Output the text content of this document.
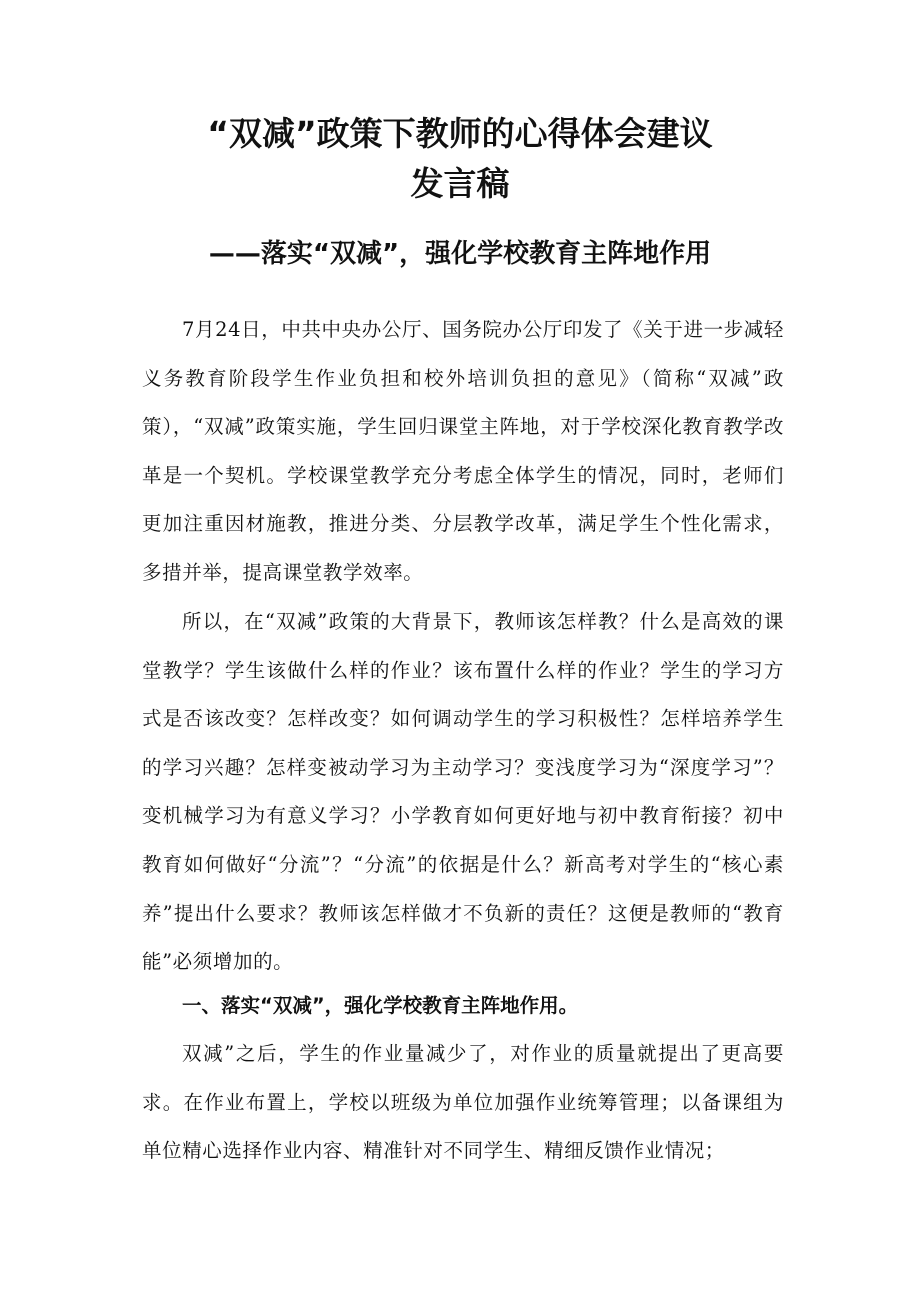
“双减”政策下教师的心得体会建议
发言稿
——落实“双减”，强化学校教育主阵地作用

7月24日，中共中央办公厅、国务院办公厅印发了《关于进一步减轻义务教育阶段学生作业负担和校外培训负担的意见》（简称“双减”政策），“双减”政策实施，学生回归课堂主阵地，对于学校深化教育教学改革是一个契机。学校课堂教学充分考虑全体学生的情况，同时，老师们更加注重因材施教，推进分类、分层教学改革，满足学生个性化需求，多措并举，提高课堂教学效率。

所以，在“双减”政策的大背景下，教师该怎样教？什么是高效的课堂教学？学生该做什么样的作业？该布置什么样的作业？学生的学习方式是否该改变？怎样改变？如何调动学生的学习积极性？怎样培养学生的学习兴趣？怎样变被动学习为主动学习？变浅度学习为“深度学习”？变机械学习为有意义学习？小学教育如何更好地与初中教育衔接？初中教育如何做好“分流”？“分流”的依据是什么？新高考对学生的“核心素养”提出什么要求？教师该怎样做才不负新的责任？这便是教师的“教育能”必须增加的。

一、落实“双减”，强化学校教育主阵地作用。

双减”之后，学生的作业量减少了，对作业的质量就提出了更高要求。在作业布置上，学校以班级为单位加强作业统筹管理；以备课组为单位精心选择作业内容、精准针对不同学生、精细反馈作业情况；
